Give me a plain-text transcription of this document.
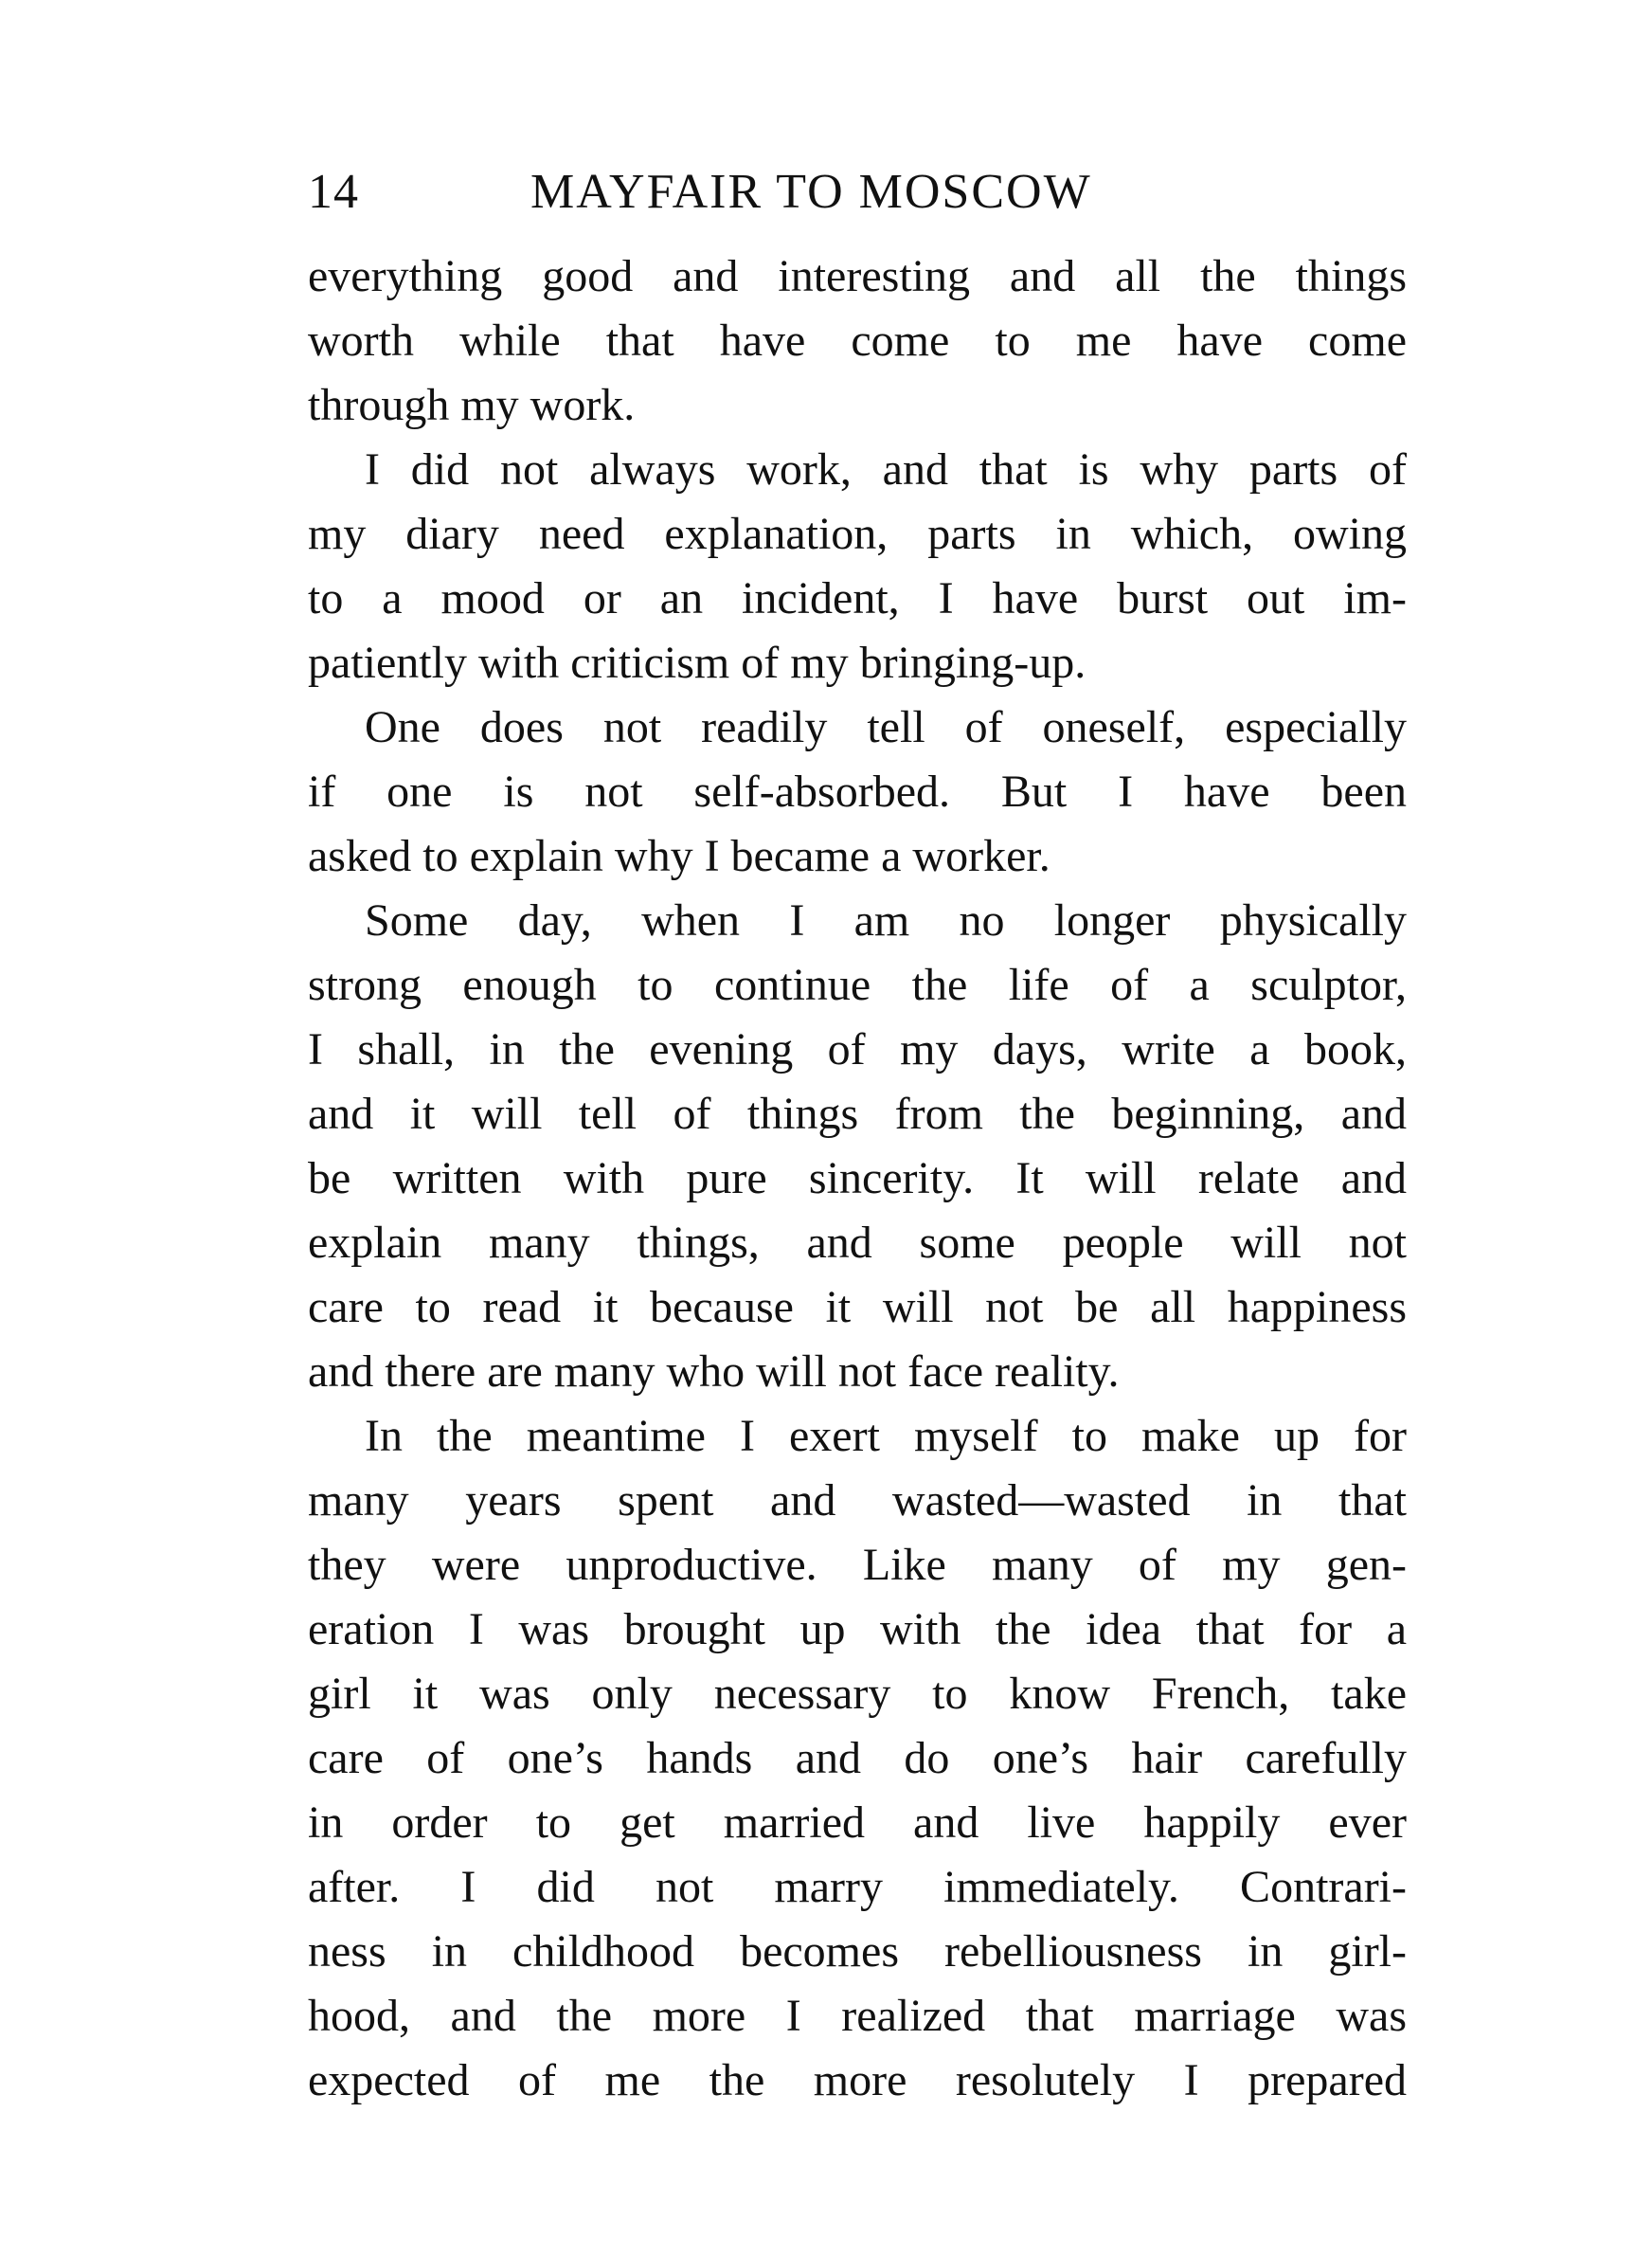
14	MAYFAIR TO MOSCOW
everything good and interesting and all the things
worth while that have come to me have come
through my work.
I did not always work, and that is why parts of
my diary need explanation, parts in which, owing
to a mood or an incident, I have burst out im-
patiently with criticism of my bringing-up.
One does not readily tell of oneself, especially
if one is not self-absorbed. But I have been
asked to explain why I became a worker.
Some day, when I am no longer physically
strong enough to continue the life of a sculptor,
I shall, in the evening of my days, write a book,
and it will tell of things from the beginning, and
be written with pure sincerity. It will relate and
explain many things, and some people will not
care to read it because it will not be all happiness
and there are many who will not face reality.
In the meantime I exert myself to make up for
many years spent and wasted—wasted in that
they were unproductive. Like many of my gen-
eration I was brought up with the idea that for a
girl it was only necessary to know French, take
care of one’s hands and do one’s hair carefully
in order to get married and live happily ever
after. I did not marry immediately. Contrari-
ness in childhood becomes rebelliousness in girl-
hood, and the more I realized that marriage was
expected of me the more resolutely I prepared
